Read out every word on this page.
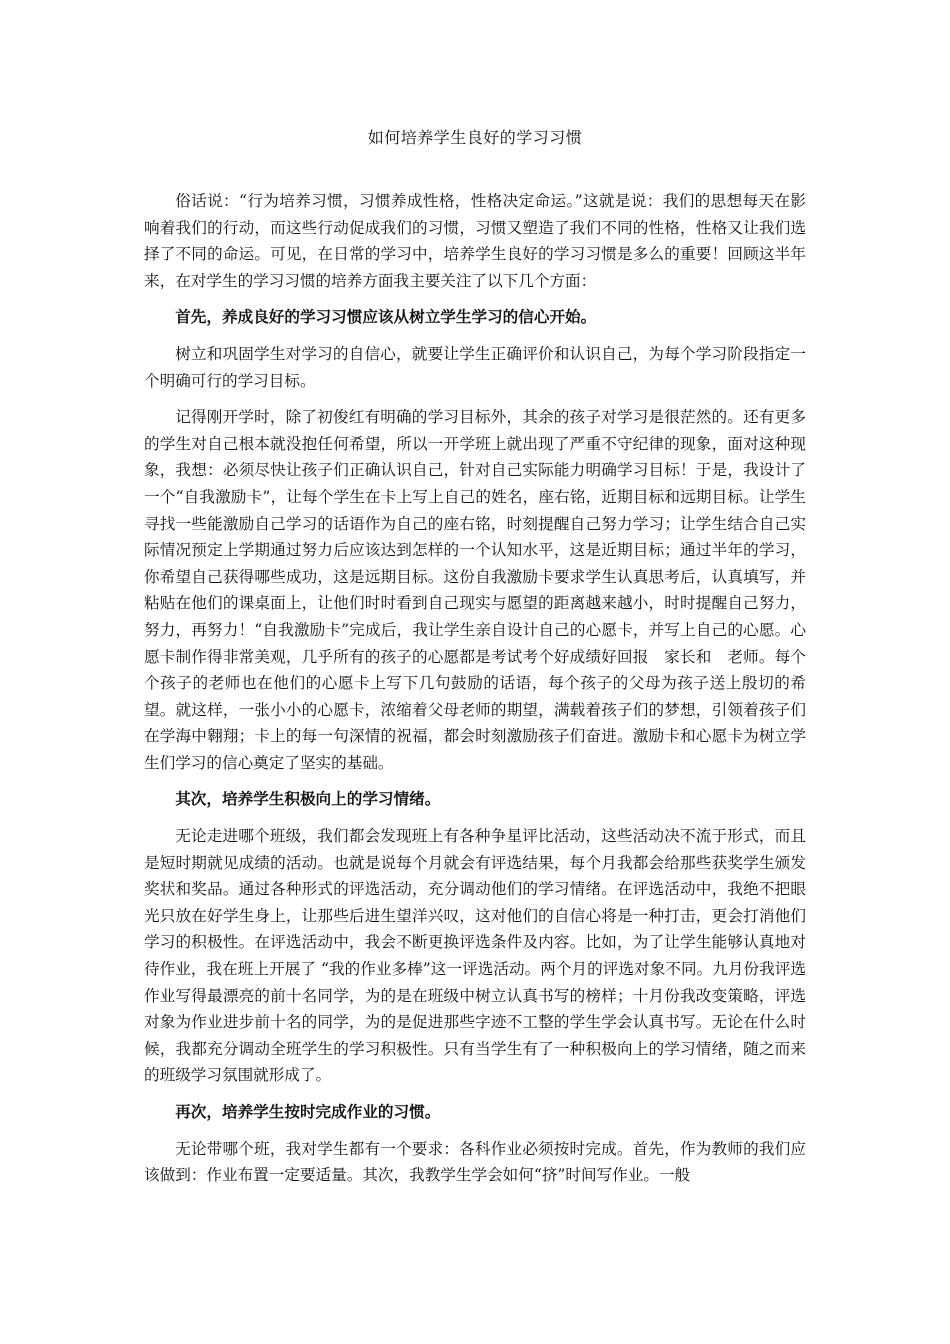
如何培养学生良好的学习习惯

俗话说：“行为培养习惯，习惯养成性格，性格决定命运。”这就是说：我们的思想每天在影响着我们的行动，而这些行动促成我们的习惯，习惯又塑造了我们不同的性格，性格又让我们选择了不同的命运。可见，在日常的学习中，培养学生良好的学习习惯是多么的重要！回顾这半年来，在对学生的学习习惯的培养方面我主要关注了以下几个方面：

首先，养成良好的学习习惯应该从树立学生学习的信心开始。

树立和巩固学生对学习的自信心，就要让学生正确评价和认识自己，为每个学习阶段指定一个明确可行的学习目标。

记得刚开学时，除了初俊红有明确的学习目标外，其余的孩子对学习是很茫然的。还有更多的学生对自己根本就没抱任何希望，所以一开学班上就出现了严重不守纪律的现象，面对这种现象，我想：必须尽快让孩子们正确认识自己，针对自己实际能力明确学习目标！于是，我设计了一个“自我激励卡”，让每个学生在卡上写上自己的姓名，座右铭，近期目标和远期目标。让学生寻找一些能激励自己学习的话语作为自己的座右铭，时刻提醒自己努力学习；让学生结合自己实际情况预定上学期通过努力后应该达到怎样的一个认知水平，这是近期目标；通过半年的学习，你希望自己获得哪些成功，这是远期目标。这份自我激励卡要求学生认真思考后，认真填写，并粘贴在他们的课桌面上，让他们时时看到自己现实与愿望的距离越来越小，时时提醒自己努力，努力，再努力！“自我激励卡”完成后，我让学生亲自设计自己的心愿卡，并写上自己的心愿。心愿卡制作得非常美观，几乎所有的孩子的心愿都是考试考个好成绩好回报　家长和　老师。每个个孩子的老师也在他们的心愿卡上写下几句鼓励的话语，每个孩子的父母为孩子送上殷切的希望。就这样，一张小小的心愿卡，浓缩着父母老师的期望，满载着孩子们的梦想，引领着孩子们在学海中翱翔；卡上的每一句深情的祝福，都会时刻激励孩子们奋进。激励卡和心愿卡为树立学生们学习的信心奠定了坚实的基础。

其次，培养学生积极向上的学习情绪。

无论走进哪个班级，我们都会发现班上有各种争星评比活动，这些活动决不流于形式，而且是短时期就见成绩的活动。也就是说每个月就会有评选结果，每个月我都会给那些获奖学生颁发奖状和奖品。通过各种形式的评选活动，充分调动他们的学习情绪。在评选活动中，我绝不把眼光只放在好学生身上，让那些后进生望洋兴叹，这对他们的自信心将是一种打击，更会打消他们学习的积极性。在评选活动中，我会不断更换评选条件及内容。比如，为了让学生能够认真地对待作业，我在班上开展了 “我的作业多棒”这一评选活动。两个月的评选对象不同。九月份我评选作业写得最漂亮的前十名同学，为的是在班级中树立认真书写的榜样；十月份我改变策略，评选对象为作业进步前十名的同学，为的是促进那些字迹不工整的学生学会认真书写。无论在什么时候，我都充分调动全班学生的学习积极性。只有当学生有了一种积极向上的学习情绪，随之而来的班级学习氛围就形成了。

再次，培养学生按时完成作业的习惯。

无论带哪个班，我对学生都有一个要求：各科作业必须按时完成。首先，作为教师的我们应该做到：作业布置一定要适量。其次，我教学生学会如何“挤”时间写作业。一般
